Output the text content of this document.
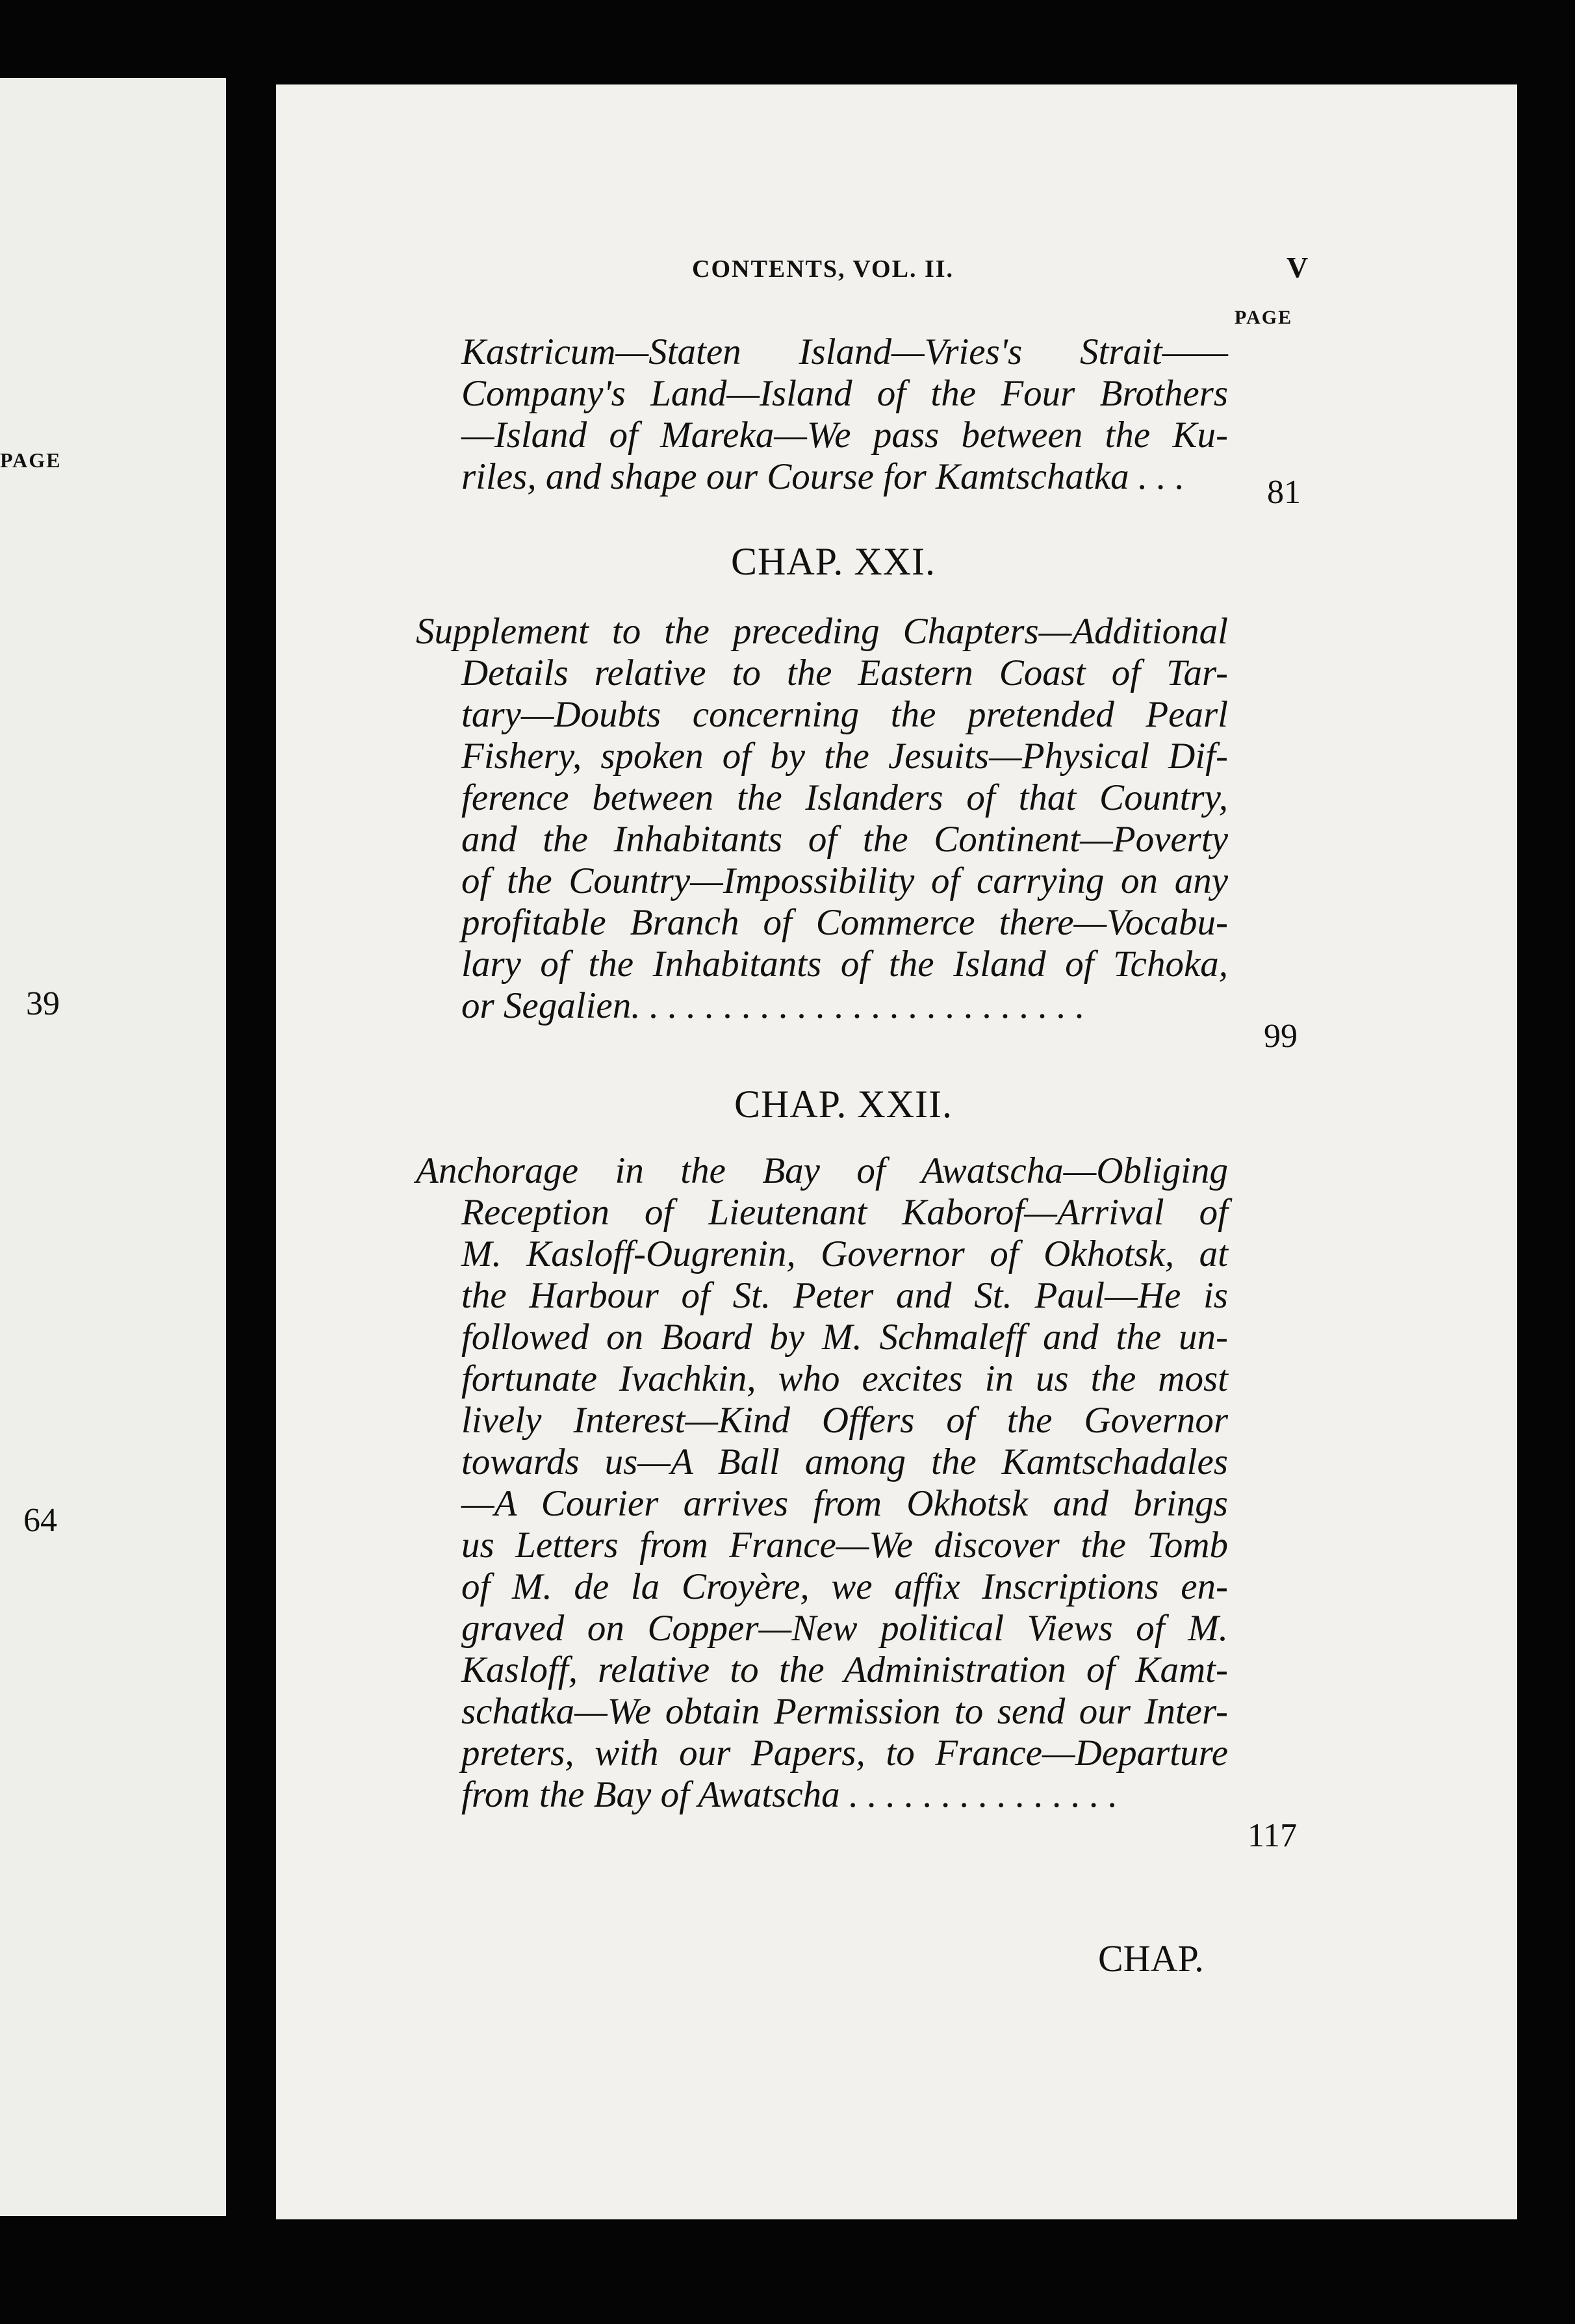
PAGE
39
64
CONTENTS, VOL. II.	V
PAGE
Kastricum—Staten Island—Vries's Strait——
Company's Land—Island of the Four Brothers
—Island of Mareka—We pass between the Ku-
riles, and shape our Course for Kamtschatka . . .	81
CHAP. XXI.
Supplement to the preceding Chapters—Additional
Details relative to the Eastern Coast of Tar-
tary—Doubts concerning the pretended Pearl
Fishery, spoken of by the Jesuits—Physical Dif-
ference between the Islanders of that Country,
and the Inhabitants of the Continent—Poverty
of the Country—Impossibility of carrying on any
profitable Branch of Commerce there—Vocabu-
lary of the Inhabitants of the Island of Tchoka,
or Segalien. . . . . . . . . . . . . . . . . . . . . . . . .
99
CHAP. XXII.
Anchorage in the Bay of Awatscha—Obliging
Reception of Lieutenant Kaborof—Arrival of
M. Kasloff-Ougrenin, Governor of Okhotsk, at
the Harbour of St. Peter and St. Paul—He is
followed on Board by M. Schmaleff and the un-
fortunate Ivachkin, who excites in us the most
lively Interest—Kind Offers of the Governor
towards us—A Ball among the Kamtschadales
—A Courier arrives from Okhotsk and brings
us Letters from France—We discover the Tomb
of M. de la Croyère, we affix Inscriptions en-
graved on Copper—New political Views of M.
Kasloff, relative to the Administration of Kamt-
schatka—We obtain Permission to send our Inter-
preters, with our Papers, to France—Departure
from the Bay of Awatscha . . . . . . . . . . . . . . .
117
CHAP.
